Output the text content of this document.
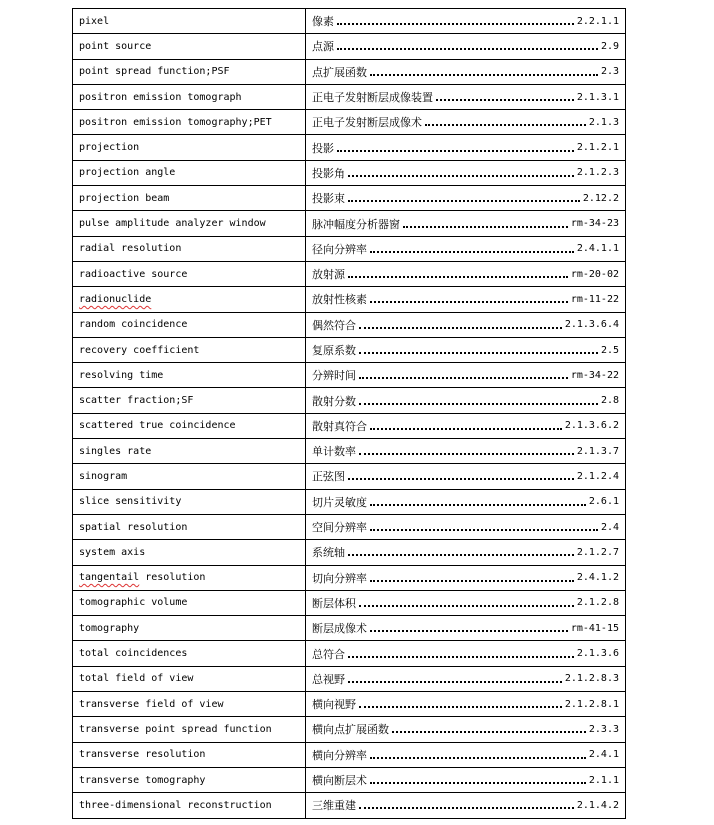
pixel	像素 2.2.1.1

point source	点源 2.9

point spread function;PSF	点扩展函数 2.3

positron emission tomograph	正电子发射断层成像装置 2.1.3.1

positron emission tomography;PET	正电子发射断层成像术 2.1.3

projection	投影 2.1.2.1

projection angle	投影角 2.1.2.3

projection beam	投影束 2.12.2

pulse amplitude analyzer window	脉冲幅度分析器窗 rm-34-23

radial resolution	径向分辨率 2.4.1.1

radioactive source	放射源 rm-20-02

radionuclide	放射性核素 rm-11-22

random coincidence	偶然符合 2.1.3.6.4

recovery coefficient	复原系数 2.5

resolving time	分辨时间 rm-34-22

scatter fraction;SF	散射分数 2.8

scattered true coincidence	散射真符合 2.1.3.6.2

singles rate	单计数率 2.1.3.7

sinogram	正弦图 2.1.2.4

slice sensitivity	切片灵敏度 2.6.1

spatial resolution	空间分辨率 2.4

system axis	系统轴 2.1.2.7

tangentail resolution	切向分辨率 2.4.1.2

tomographic volume	断层体积 2.1.2.8

tomography	断层成像术 rm-41-15

total coincidences	总符合 2.1.3.6

total field of view	总视野 2.1.2.8.3

transverse field of view	横向视野 2.1.2.8.1

transverse point spread function	横向点扩展函数 2.3.3

transverse resolution	横向分辨率 2.4.1

transverse tomography	横向断层术 2.1.1

three-dimensional reconstruction	三维重建 2.1.4.2
